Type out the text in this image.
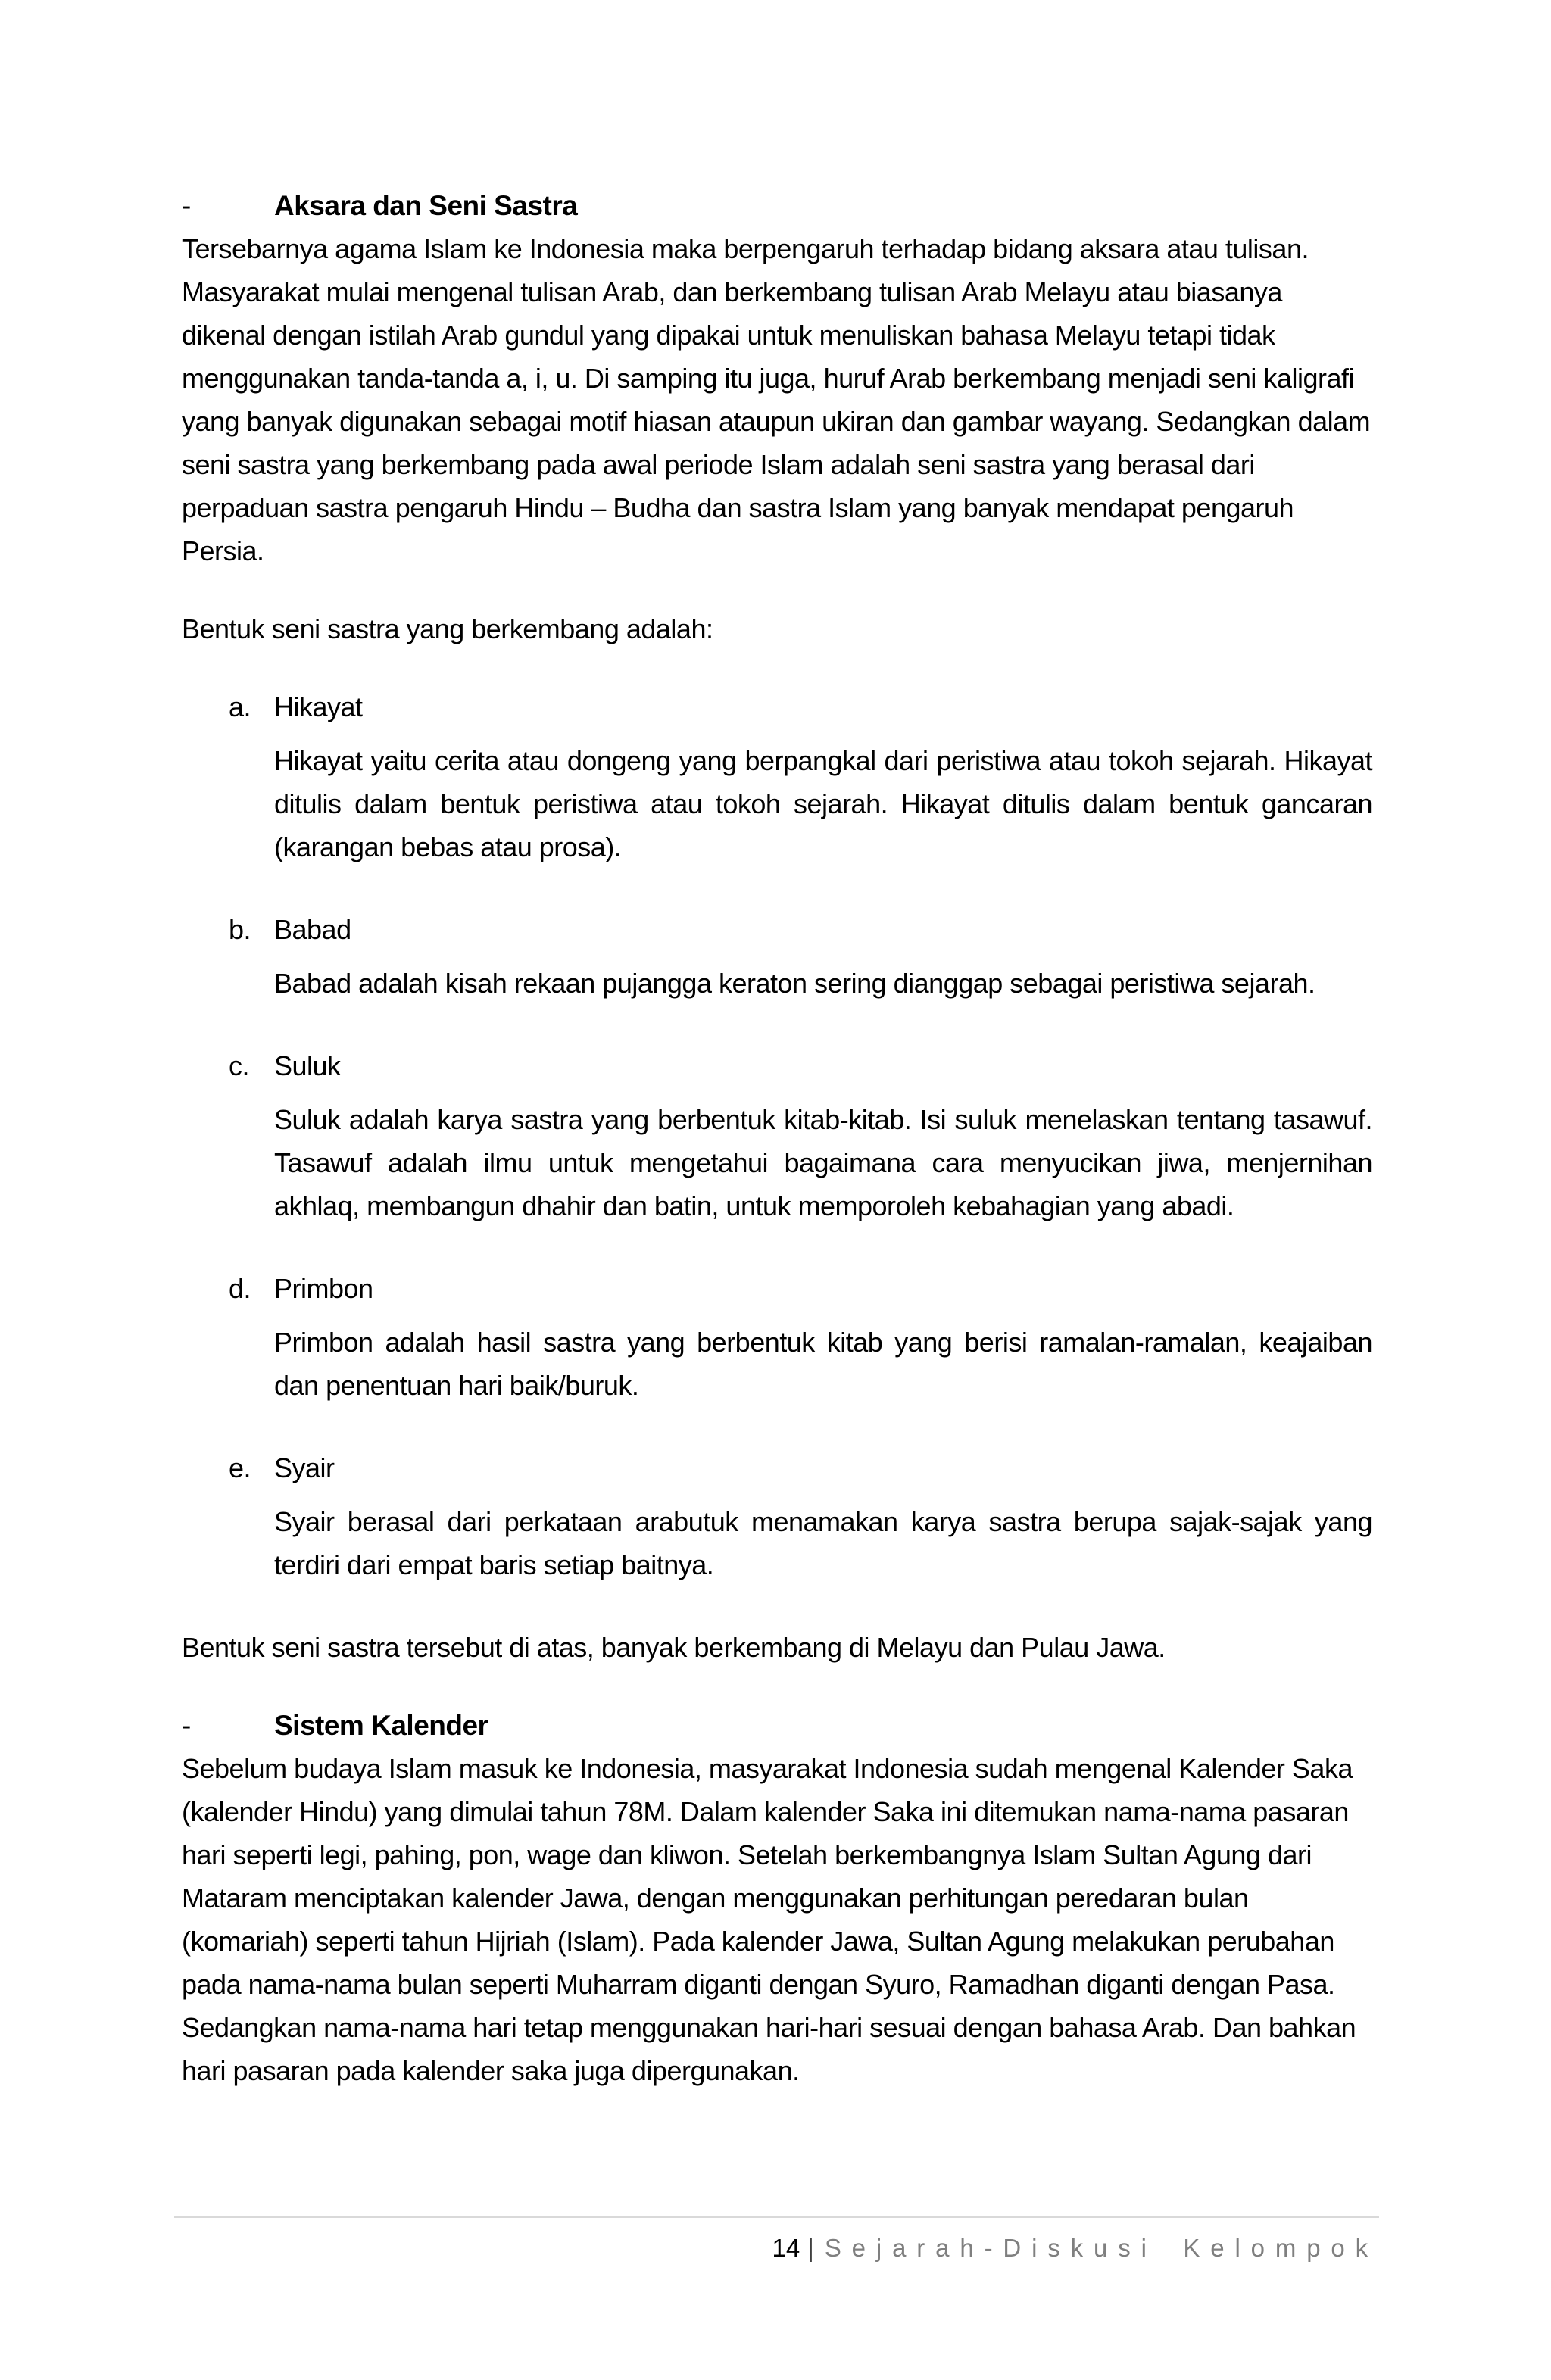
-	Aksara dan Seni Sastra

Tersebarnya agama Islam ke Indonesia maka berpengaruh terhadap bidang aksara atau tulisan. Masyarakat mulai mengenal tulisan Arab, dan berkembang tulisan Arab Melayu atau biasanya dikenal dengan istilah Arab gundul yang dipakai untuk menuliskan bahasa Melayu tetapi tidak menggunakan tanda-tanda a, i, u. Di samping itu juga, huruf Arab berkembang menjadi seni kaligrafi yang banyak digunakan sebagai motif hiasan ataupun ukiran dan gambar wayang. Sedangkan dalam seni sastra yang berkembang pada awal periode Islam adalah seni sastra yang berasal dari perpaduan sastra pengaruh Hindu – Budha dan sastra Islam yang banyak mendapat pengaruh Persia.

Bentuk seni sastra yang berkembang adalah:

a. Hikayat

Hikayat yaitu cerita atau dongeng yang berpangkal dari peristiwa atau tokoh sejarah. Hikayat ditulis dalam bentuk peristiwa atau tokoh sejarah. Hikayat ditulis dalam bentuk gancaran (karangan bebas atau prosa).

b. Babad

Babad adalah kisah rekaan pujangga keraton sering dianggap sebagai peristiwa sejarah.

c. Suluk

Suluk adalah karya sastra yang berbentuk kitab-kitab. Isi suluk menelaskan tentang tasawuf. Tasawuf adalah ilmu untuk mengetahui bagaimana cara menyucikan jiwa, menjernihan akhlaq, membangun dhahir dan batin, untuk memporoleh kebahagian yang abadi.

d. Primbon

Primbon adalah hasil sastra yang berbentuk kitab yang berisi ramalan-ramalan, keajaiban dan penentuan hari baik/buruk.

e. Syair

Syair berasal dari perkataan arabutuk menamakan karya sastra berupa sajak-sajak yang terdiri dari empat baris setiap baitnya.

Bentuk seni sastra tersebut di atas, banyak berkembang di Melayu dan Pulau Jawa.

-	Sistem Kalender

Sebelum budaya Islam masuk ke Indonesia, masyarakat Indonesia sudah mengenal Kalender Saka (kalender Hindu) yang dimulai tahun 78M. Dalam kalender Saka ini ditemukan nama-nama pasaran hari seperti legi, pahing, pon, wage dan kliwon. Setelah berkembangnya Islam Sultan Agung dari Mataram menciptakan kalender Jawa, dengan menggunakan perhitungan peredaran bulan (komariah) seperti tahun Hijriah (Islam). Pada kalender Jawa, Sultan Agung melakukan perubahan pada nama-nama bulan seperti Muharram diganti dengan Syuro, Ramadhan diganti dengan Pasa. Sedangkan nama-nama hari tetap menggunakan hari-hari sesuai dengan bahasa Arab. Dan bahkan hari pasaran pada kalender saka juga dipergunakan.

14 | Sejarah-Diskusi Kelompok
